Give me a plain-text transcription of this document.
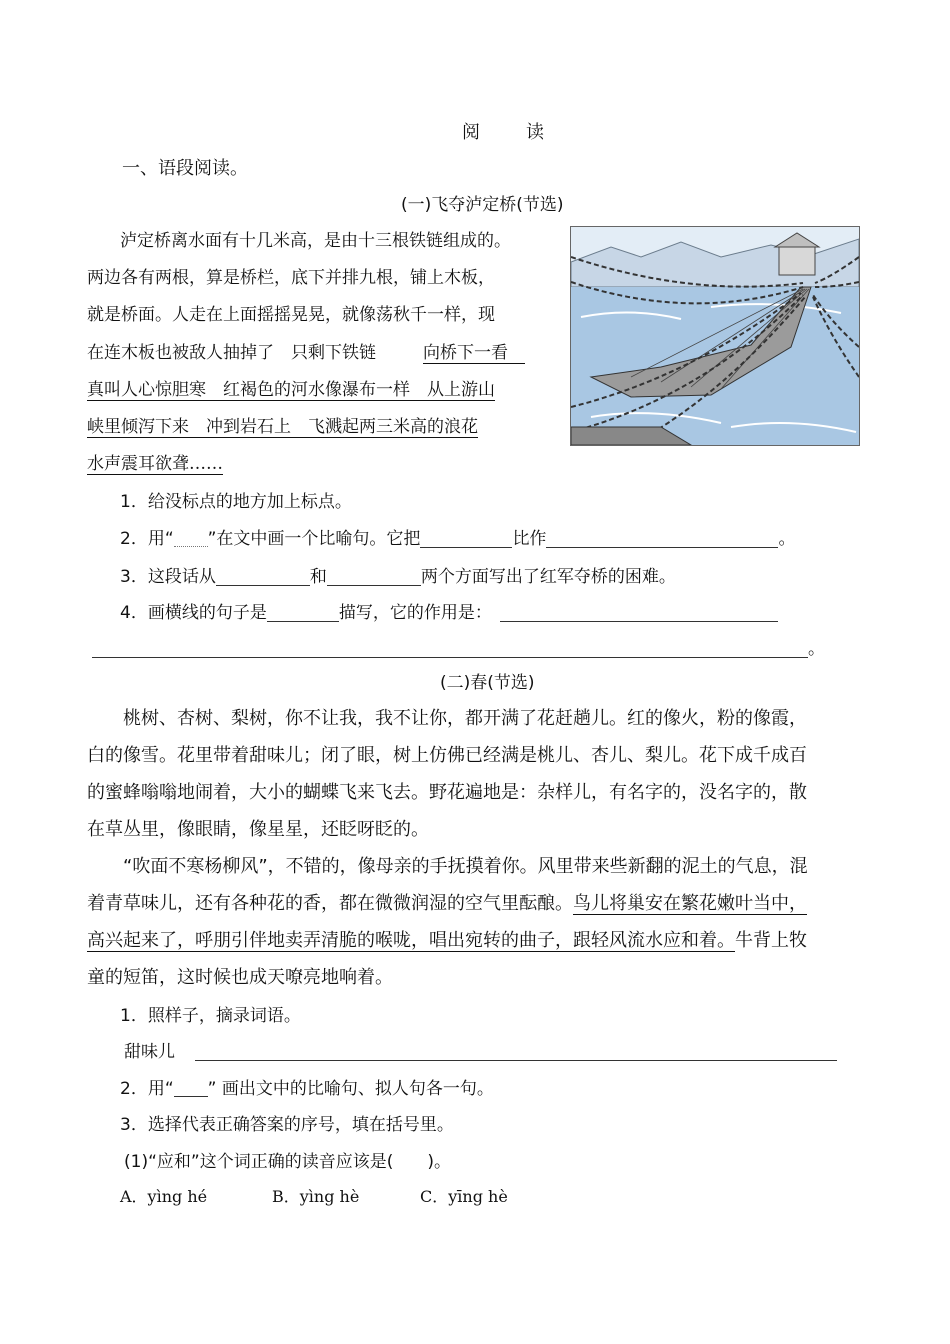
阅　读
一、语段阅读。
(一)飞夺泸定桥(节选)
泸定桥离水面有十几米高，是由十三根铁链组成的。
两边各有两根，算是桥栏，底下并排九根，铺上木板，
就是桥面。人走在上面摇摇晃晃，就像荡秋千一样，现
在连木板也被敌人抽掉了　只剩下铁链　向桥下一看　
真叫人心惊胆寒　红褐色的河水像瀑布一样　从上游山
峡里倾泻下来　冲到岩石上　飞溅起两三米高的浪花
水声震耳欲聋……
1．给没标点的地方加上标点。
2．用“ ”在文中画一个比喻句。它把	比作	。
3．这段话从	和	两个方面写出了红军夺桥的困难。
4．画横线的句子是	描写，它的作用是：
。
(二)春(节选)
　　桃树、杏树、梨树，你不让我，我不让你，都开满了花赶趟儿。红的像火，粉的像霞，
白的像雪。花里带着甜味儿；闭了眼，树上仿佛已经满是桃儿、杏儿、梨儿。花下成千成百
的蜜蜂嗡嗡地闹着，大小的蝴蝶飞来飞去。野花遍地是：杂样儿，有名字的，没名字的，散
在草丛里，像眼睛，像星星，还眨呀眨的。
　　“吹面不寒杨柳风”，不错的，像母亲的手抚摸着你。风里带来些新翻的泥土的气息，混
着青草味儿，还有各种花的香，都在微微润湿的空气里酝酿。鸟儿将巢安在繁花嫩叶当中，
高兴起来了，呼朋引伴地卖弄清脆的喉咙，唱出宛转的曲子，跟轻风流水应和着。牛背上牧
童的短笛，这时候也成天嘹亮地响着。
1．照样子，摘录词语。
甜味儿
2．用“ ” 画出文中的比喻句、拟人句各一句。
3．选择代表正确答案的序号，填在括号里。
(1)“应和”这个词正确的读音应该是(　　)。
A．yìng hé	B．yìng hè	C．yīng hè
